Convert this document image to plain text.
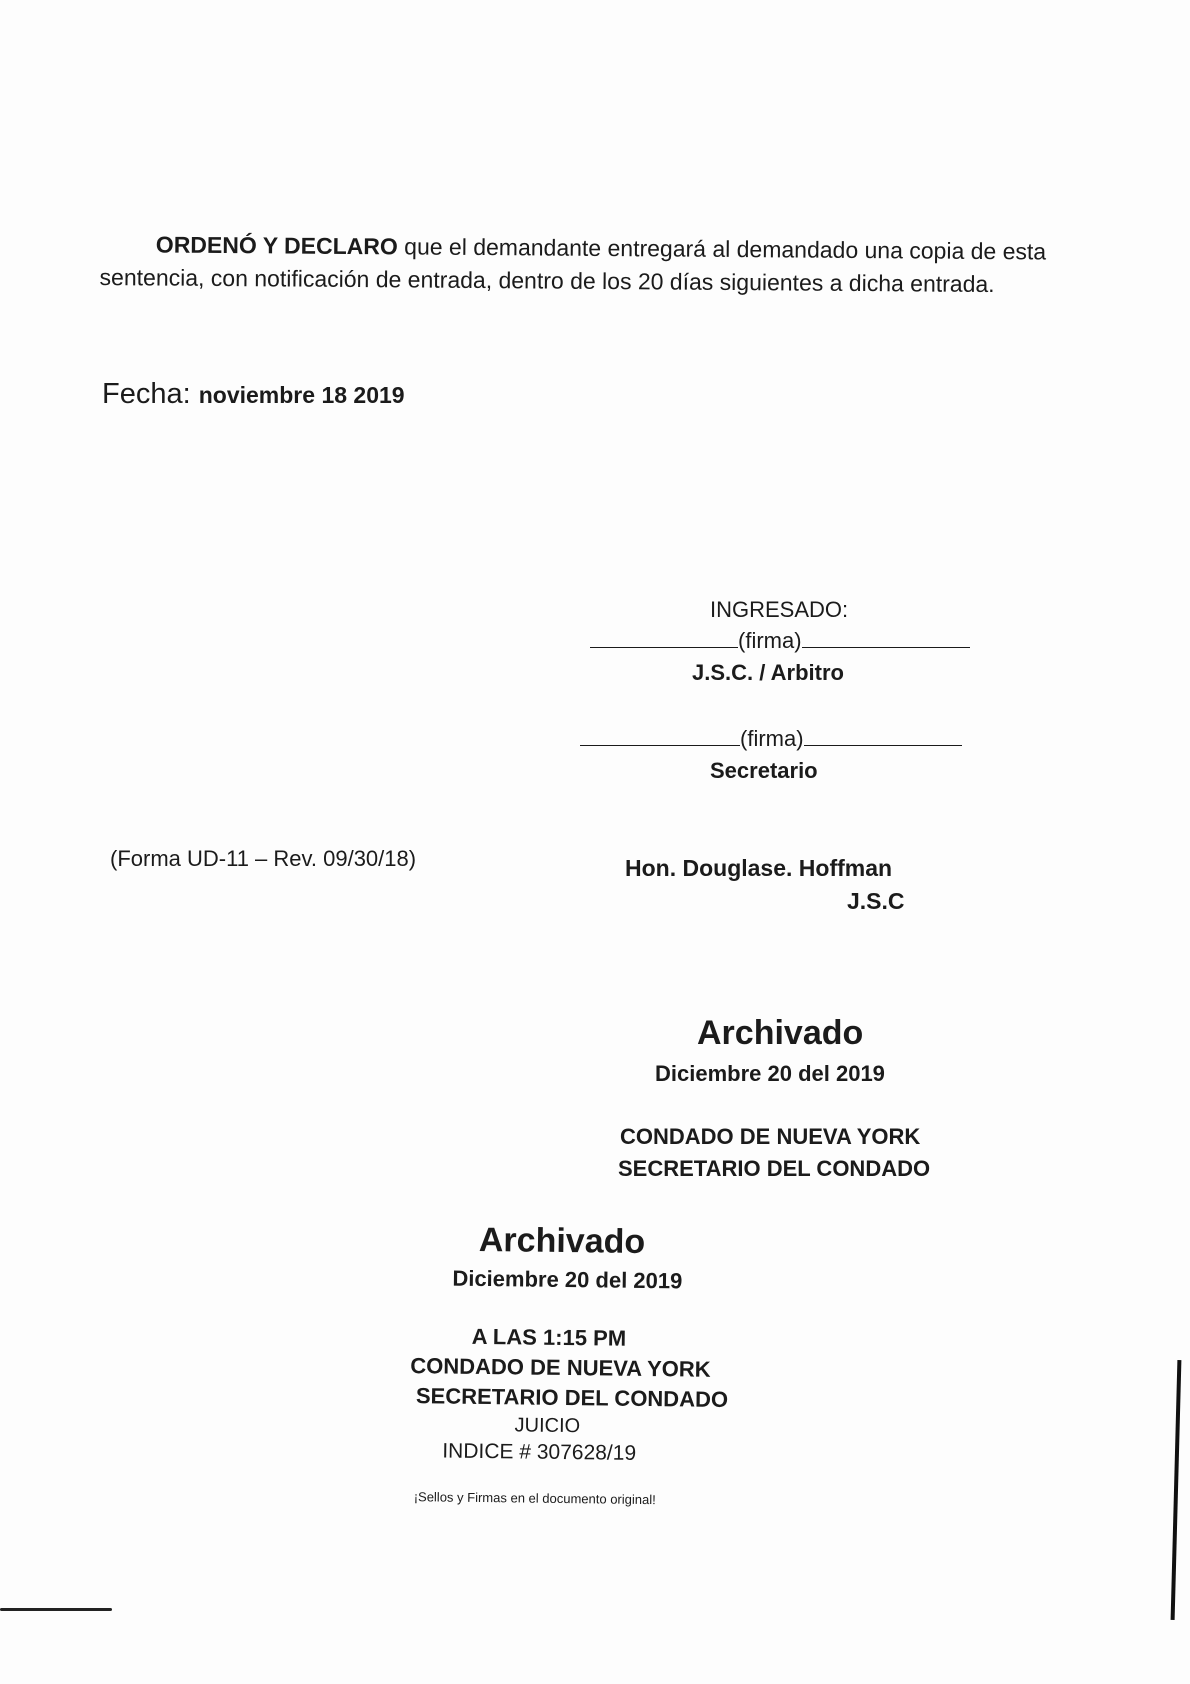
ORDENÓ Y DECLARO que el demandante entregará al demandado una copia de esta
sentencia, con notificación de entrada, dentro de los 20 días siguientes a dicha entrada.
Fecha: noviembre 18 2019
INGRESADO:
(firma)
J.S.C. / Arbitro
(firma)
Secretario
(Forma UD-11 – Rev. 09/30/18)	Hon. Douglase. Hoffman
J.S.C
Archivado
Diciembre 20 del 2019
CONDADO DE NUEVA YORK
SECRETARIO DEL CONDADO
Archivado
Diciembre 20 del 2019
A LAS 1:15 PM
CONDADO DE NUEVA YORK
SECRETARIO DEL CONDADO
JUICIO
INDICE # 307628/19
¡Sellos y Firmas en el documento original!
